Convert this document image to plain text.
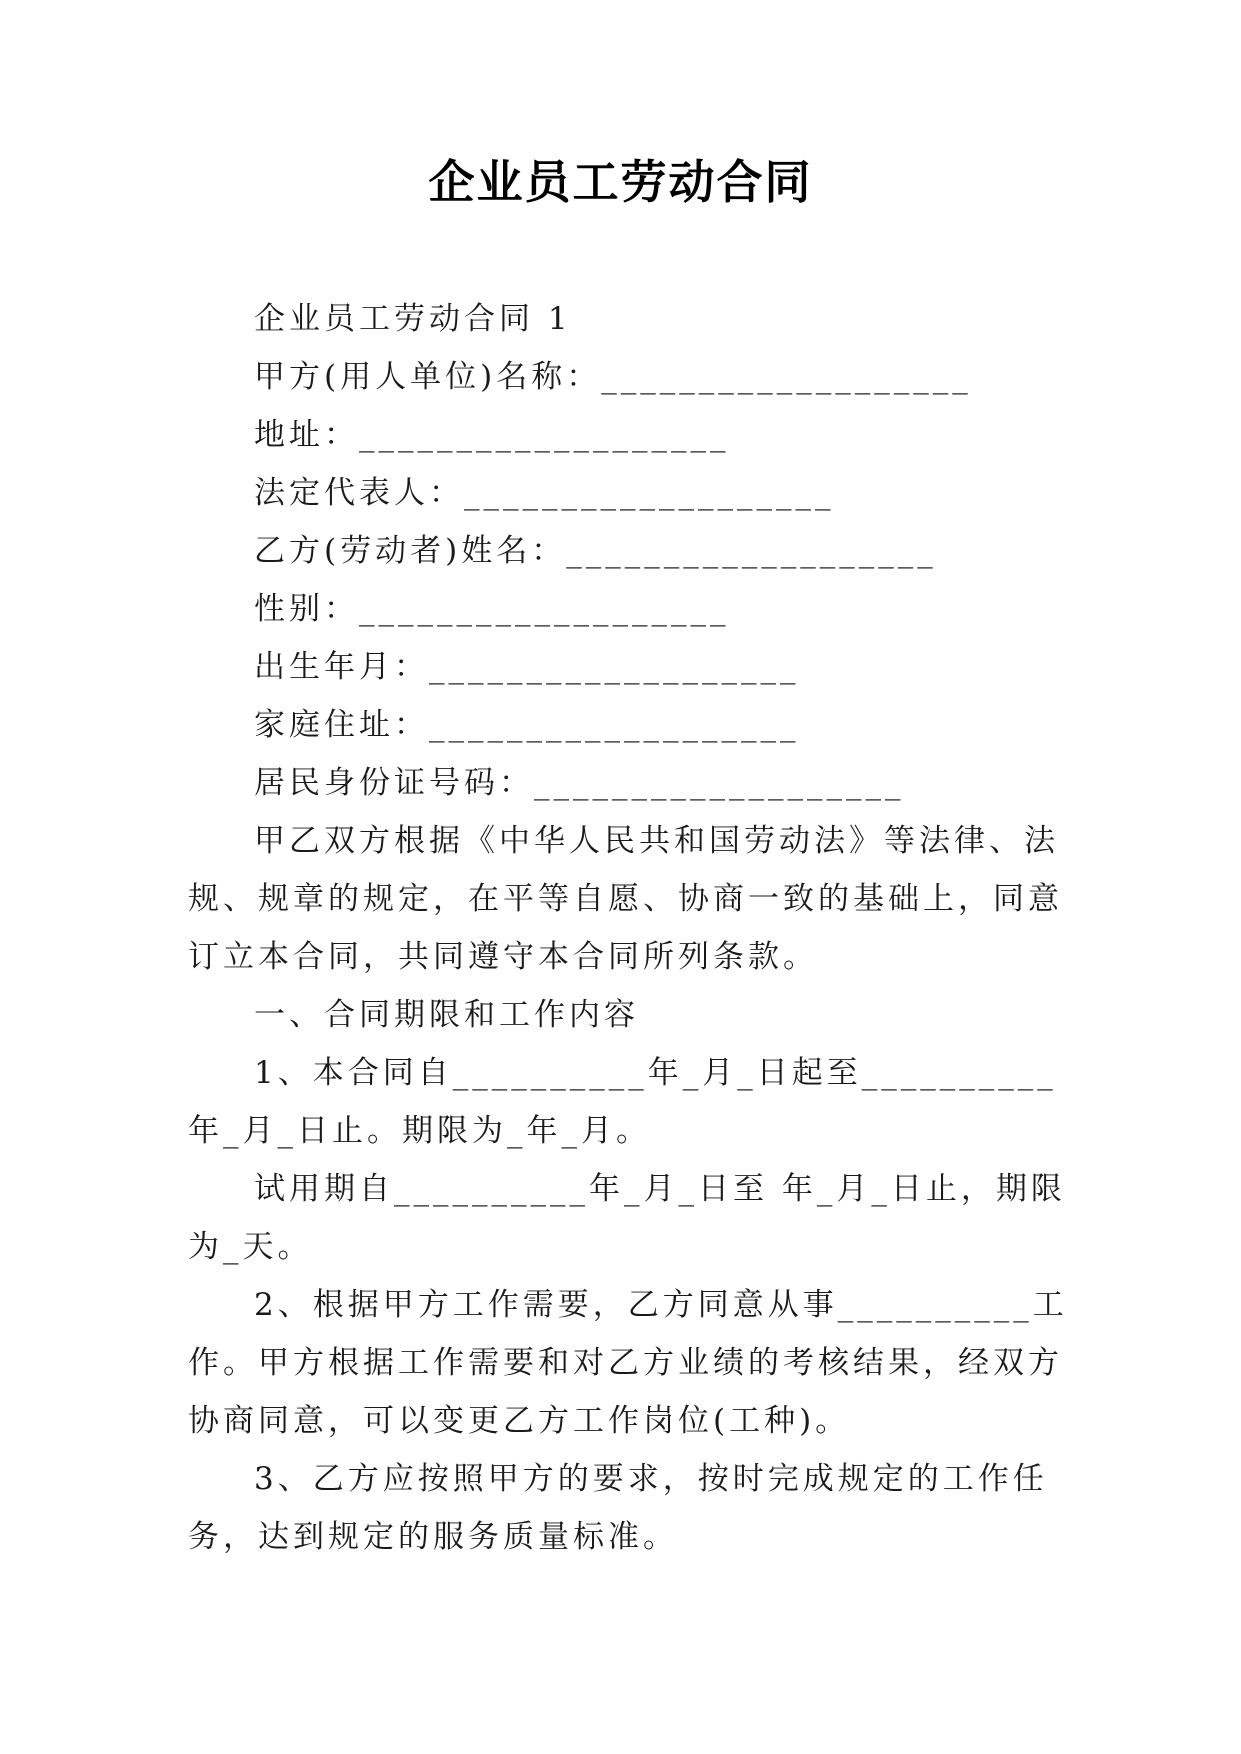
企业员工劳动合同

企业员工劳动合同 1

甲方(用人单位)名称：___________________

地址：___________________

法定代表人：___________________

乙方(劳动者)姓名：___________________

性别：___________________

出生年月：___________________

家庭住址：___________________

居民身份证号码：___________________

甲乙双方根据《中华人民共和国劳动法》等法律、法规、规章的规定，在平等自愿、协商一致的基础上，同意订立本合同，共同遵守本合同所列条款。

一、合同期限和工作内容

1、本合同自__________年_月_日起至__________年_月_日止。期限为_年_月。

试用期自__________年_月_日至 年_月_日止，期限为_天。

2、根据甲方工作需要，乙方同意从事__________工作。甲方根据工作需要和对乙方业绩的考核结果，经双方协商同意，可以变更乙方工作岗位(工种)。

3、乙方应按照甲方的要求，按时完成规定的工作任务，达到规定的服务质量标准。
